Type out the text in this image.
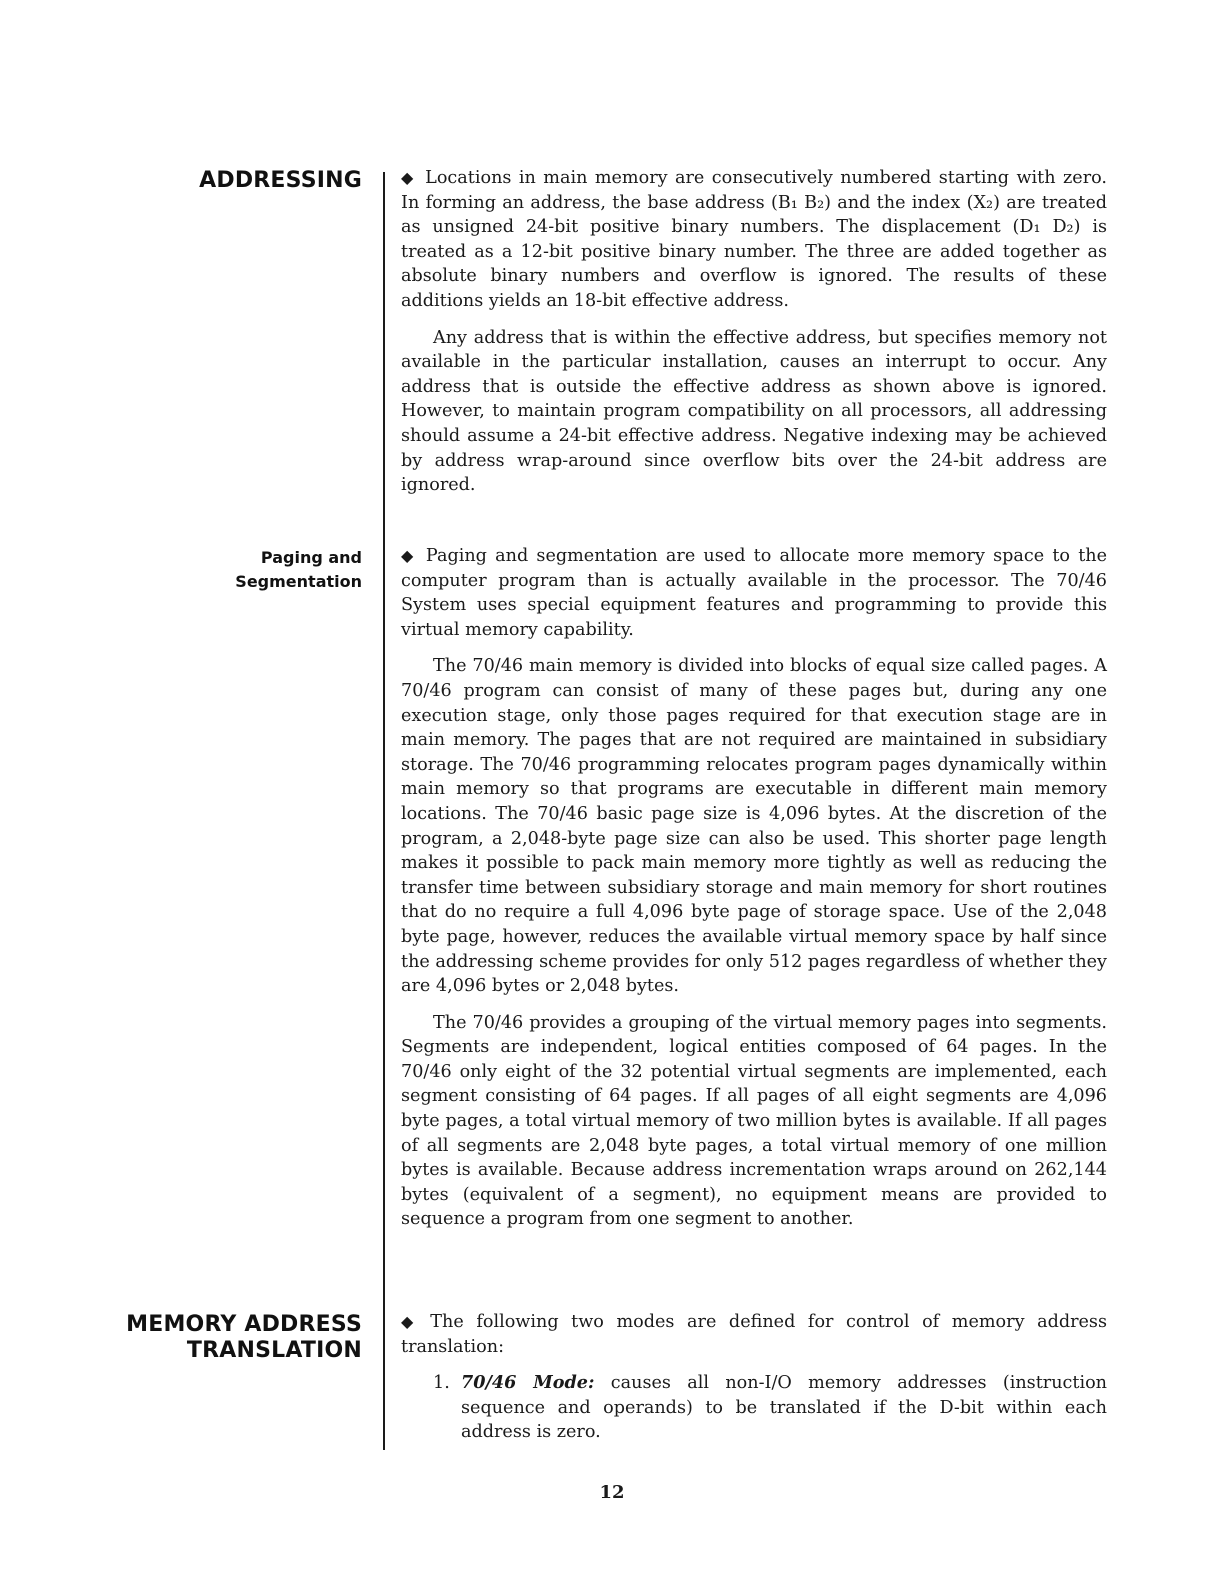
ADDRESSING ◆ Locations in main memory are consecutively numbered starting with zero. In forming an address, the base address (B₁ B₂) and the index (X₂) are treated as unsigned 24-bit positive binary numbers. The displacement (D₁ D₂) is treated as a 12-bit positive binary number. The three are added together as absolute binary numbers and overflow is ignored. The results of these additions yields an 18-bit effective address.

Any address that is within the effective address, but specifies memory not available in the particular installation, causes an interrupt to occur. Any address that is outside the effective address as shown above is ignored. However, to maintain program compatibility on all processors, all addressing should assume a 24-bit effective address. Negative indexing may be achieved by address wrap-around since overflow bits over the 24-bit address are ignored.

Paging and
Segmentation

◆ Paging and segmentation are used to allocate more memory space to the computer program than is actually available in the processor. The 70/46 System uses special equipment features and programming to provide this virtual memory capability.

The 70/46 main memory is divided into blocks of equal size called pages. A 70/46 program can consist of many of these pages but, during any one execution stage, only those pages required for that execution stage are in main memory. The pages that are not required are maintained in subsidiary storage. The 70/46 programming relocates program pages dynamically within main memory so that programs are executable in different main memory locations. The 70/46 basic page size is 4,096 bytes. At the discretion of the program, a 2,048-byte page size can also be used. This shorter page length makes it possible to pack main memory more tightly as well as reducing the transfer time between subsidiary storage and main memory for short routines that do no require a full 4,096 byte page of storage space. Use of the 2,048 byte page, however, reduces the available virtual memory space by half since the addressing scheme provides for only 512 pages regardless of whether they are 4,096 bytes or 2,048 bytes.

The 70/46 provides a grouping of the virtual memory pages into segments. Segments are independent, logical entities composed of 64 pages. In the 70/46 only eight of the 32 potential virtual segments are implemented, each segment consisting of 64 pages. If all pages of all eight segments are 4,096 byte pages, a total virtual memory of two million bytes is available. If all pages of all segments are 2,048 byte pages, a total virtual memory of one million bytes is available. Because address incrementation wraps around on 262,144 bytes (equivalent of a segment), no equipment means are provided to sequence a program from one segment to another.

MEMORY ADDRESS
TRANSLATION

◆ The following two modes are defined for control of memory address translation:

1. 70/46 Mode: causes all non-I/O memory addresses (instruction sequence and operands) to be translated if the D-bit within each address is zero.
12
